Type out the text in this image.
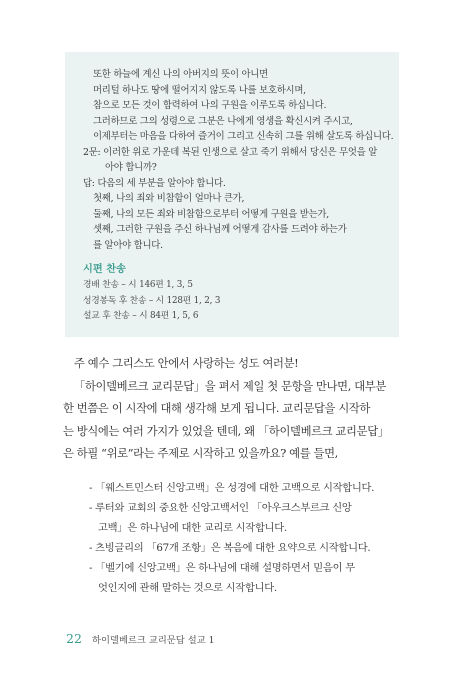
또한 하늘에 계신 나의 아버지의 뜻이 아니면
머리털 하나도 땅에 떨어지지 않도록 나를 보호하시며,
참으로 모든 것이 합력하여 나의 구원을 이루도록 하십니다.
그러하므로 그의 성령으로 그분은 나에게 영생을 확신시켜 주시고,
이제부터는 마음을 다하여 즐거이 그리고 신속히 그를 위해 살도록 하십니다.
2문: 이러한 위로 가운데 복된 인생으로 살고 죽기 위해서 당신은 무엇을 알
아야 합니까?
답: 다음의 세 부분을 알아야 합니다.
첫째, 나의 죄와 비참함이 얼마나 큰가,
둘째, 나의 모든 죄와 비참함으로부터 어떻게 구원을 받는가,
셋째, 그러한 구원을 주신 하나님께 어떻게 감사를 드려야 하는가
를 알아야 합니다.
시편 찬송
경배 찬송 – 시 146편 1, 3, 5
성경봉독 후 찬송 – 시 128편 1, 2, 3
설교 후 찬송 – 시 84편 1, 5, 6
주 예수 그리스도 안에서 사랑하는 성도 여러분!
「하이델베르크 교리문답」을 펴서 제일 첫 문항을 만나면, 대부분
한 번쯤은 이 시작에 대해 생각해 보게 됩니다. 교리문답을 시작하
는 방식에는 여러 가지가 있었을 텐데, 왜 「하이델베르크 교리문답」
은 하필 “위로”라는 주제로 시작하고 있을까요? 예를 들면,
- 「웨스트민스터 신앙고백」은 성경에 대한 고백으로 시작합니다.
- 루터와 교회의 중요한 신앙고백서인 「아우크스부르크 신앙
고백」은 하나님에 대한 교리로 시작합니다.
- 츠빙글리의 「67개 조항」은 복음에 대한 요약으로 시작합니다.
- 「벨기에 신앙고백」은 하나님에 대해 설명하면서 믿음이 무
엇인지에 관해 말하는 것으로 시작합니다.
22 하이델베르크 교리문답 설교 1
